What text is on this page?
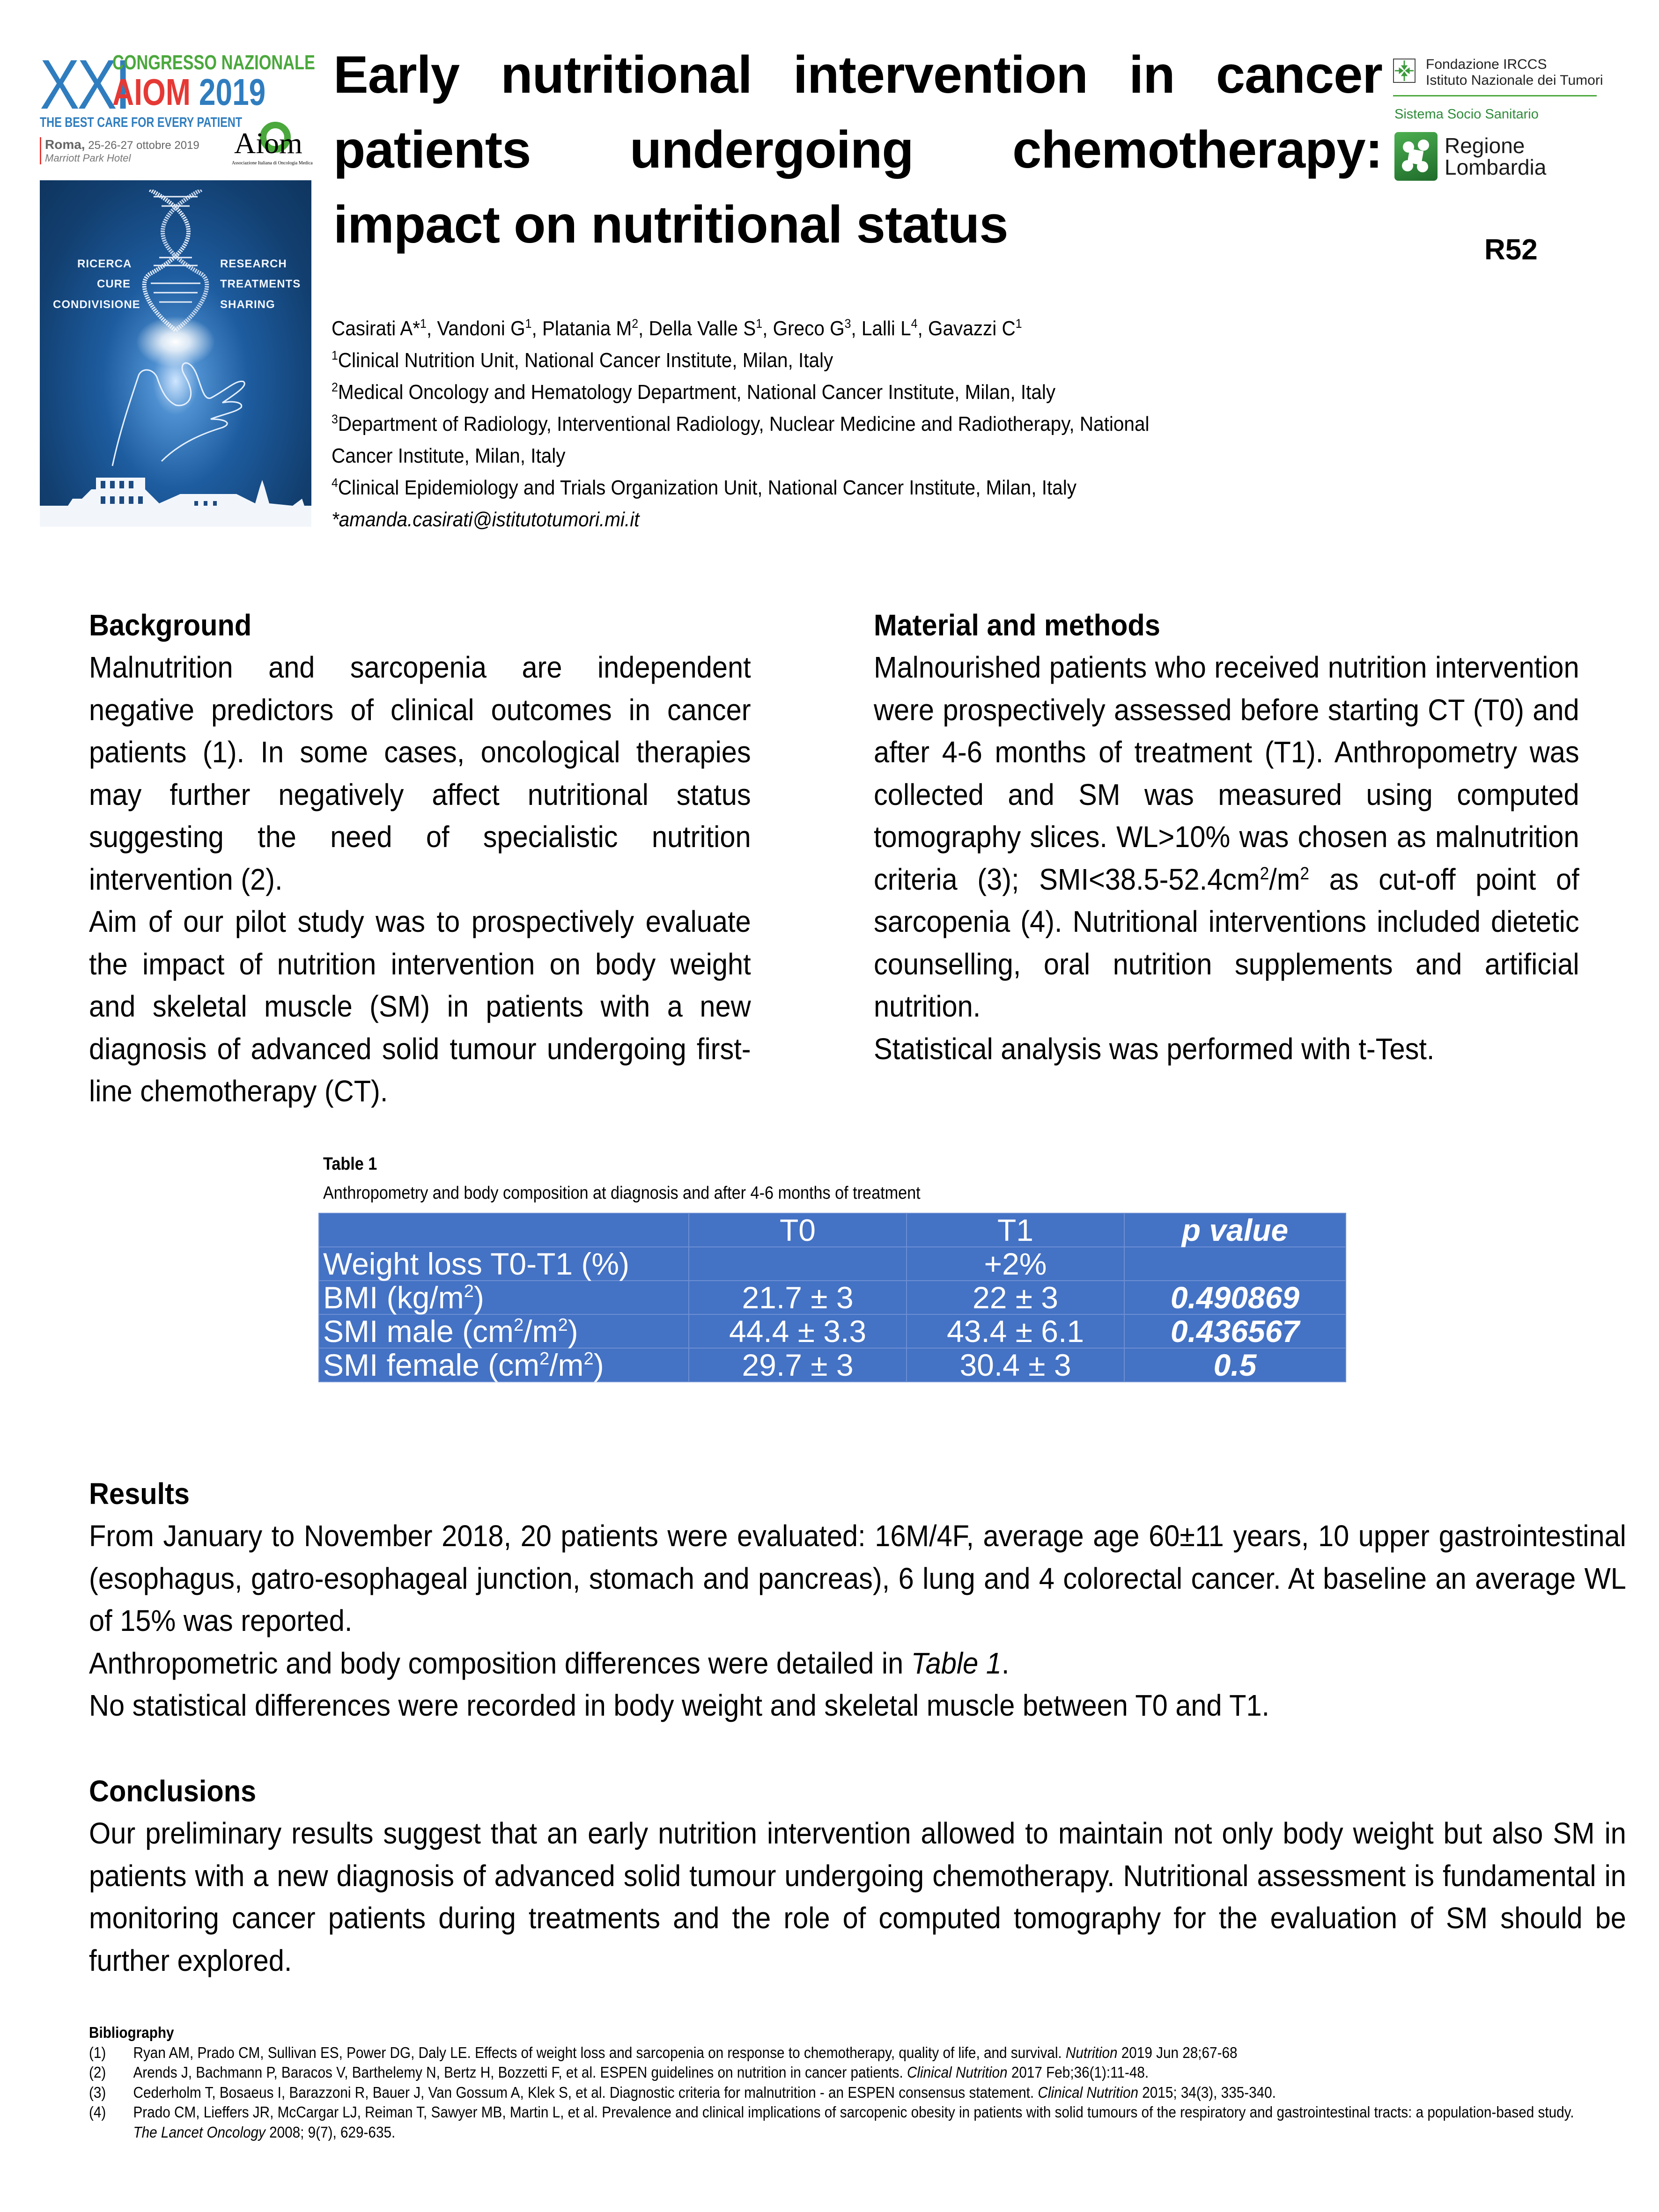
XXI
CONGRESSO NAZIONALE
AIOM 2019
THE BEST CARE FOR EVERY PATIENT
Roma, 25-26-27 ottobre 2019
Marriott Park Hotel	Aiom
Associazione Italiana di Oncologia Medica
RICERCA
CURE
CONDIVISIONE
RESEARCH
TREATMENTS
SHARING
Early nutritional intervention in cancer patients undergoing chemotherapy: impact on nutritional status
Fondazione IRCCS
Istituto Nazionale dei Tumori
Sistema Socio Sanitario
Regione
Lombardia
R52
Casirati A*$^1$, Vandoni $G^1$, Platania $M^2$, Della Valle $S^1$, Greco $G^3$, Lalli $L^4$, Gavazzi $C^1$
$^1$Clinical Nutrition Unit, National Cancer Institute, Milan, Italy
$^2$Medical Oncology and Hematology Department, National Cancer Institute, Milan, Italy
$^3$Department of Radiology, Interventional Radiology, Nuclear Medicine and Radiotherapy, National
Cancer Institute, Milan, Italy
$^4$Clinical Epidemiology and Trials Organization Unit, National Cancer Institute, Milan, Italy
*amanda.casirati@istitutotumori.mi.it
Background

Malnutrition and sarcopenia are independent negative predictors of clinical outcomes in cancer patients (1). In some cases, oncological therapies may further negatively affect nutritional status suggesting the need of specialistic nutrition intervention (2).

Aim of our pilot study was to prospectively evaluate the impact of nutrition intervention on body weight and skeletal muscle (SM) in patients with a new diagnosis of advanced solid tumour undergoing first-line chemotherapy (CT).

Material and methods

Malnourished patients who received nutrition intervention were prospectively assessed before starting CT (T0) and after 4-6 months of treatment (T1). Anthropometry was collected and SM was measured using computed tomography slices. WL>10% was chosen as malnutrition criteria (3); $SMI<38.5-52.4cm^2/m^2$ as cut-off point of sarcopenia (4). Nutritional interventions included dietetic counselling, oral nutrition supplements and artificial nutrition.

Statistical analysis was performed with t-Test.

Table 1
Anthropometry and body composition at diagnosis and after 4-6 months of treatment
	T0	T1	p value
Weight loss T0-T1 (%)		+2%	
BMI $(kg/m^2)$	21.7 ± 3	22 ± 3	0.490869
SMI male $(cm^2/m^2)$	44.4 ± 3.3	43.4 ± 6.1	0.436567
SMI female $(cm^2/m^2)$	29.7 ± 3	30.4 ± 3	0.5
Results

From January to November 2018, 20 patients were evaluated: 16M/4F, average age 60±11 years, 10 upper gastrointestinal (esophagus, gatro-esophageal junction, stomach and pancreas), 6 lung and 4 colorectal cancer. At baseline an average WL of 15% was reported.

Anthropometric and body composition differences were detailed in Table 1.

No statistical differences were recorded in body weight and skeletal muscle between T0 and T1.

Conclusions

Our preliminary results suggest that an early nutrition intervention allowed to maintain not only body weight but also SM in patients with a new diagnosis of advanced solid tumour undergoing chemotherapy. Nutritional assessment is fundamental in monitoring cancer patients during treatments and the role of computed tomography for the evaluation of SM should be further explored.

Bibliography
(1)	Ryan AM, Prado CM, Sullivan ES, Power DG, Daly LE. Effects of weight loss and sarcopenia on response to chemotherapy, quality of life, and survival. Nutrition 2019 Jun 28;67-68
(2)	Arends J, Bachmann P, Baracos V, Barthelemy N, Bertz H, Bozzetti F, et al. ESPEN guidelines on nutrition in cancer patients. Clinical Nutrition 2017 Feb;36(1):11-48.
(3)	Cederholm T, Bosaeus I, Barazzoni R, Bauer J, Van Gossum A, Klek S, et al. Diagnostic criteria for malnutrition - an ESPEN consensus statement. Clinical Nutrition 2015; 34(3), 335-340.
(4)	Prado CM, Lieffers JR, McCargar LJ, Reiman T, Sawyer MB, Martin L, et al. Prevalence and clinical implications of sarcopenic obesity in patients with solid tumours of the respiratory and gastrointestinal tracts: a population-based study. The Lancet Oncology 2008; 9(7), 629-635.
